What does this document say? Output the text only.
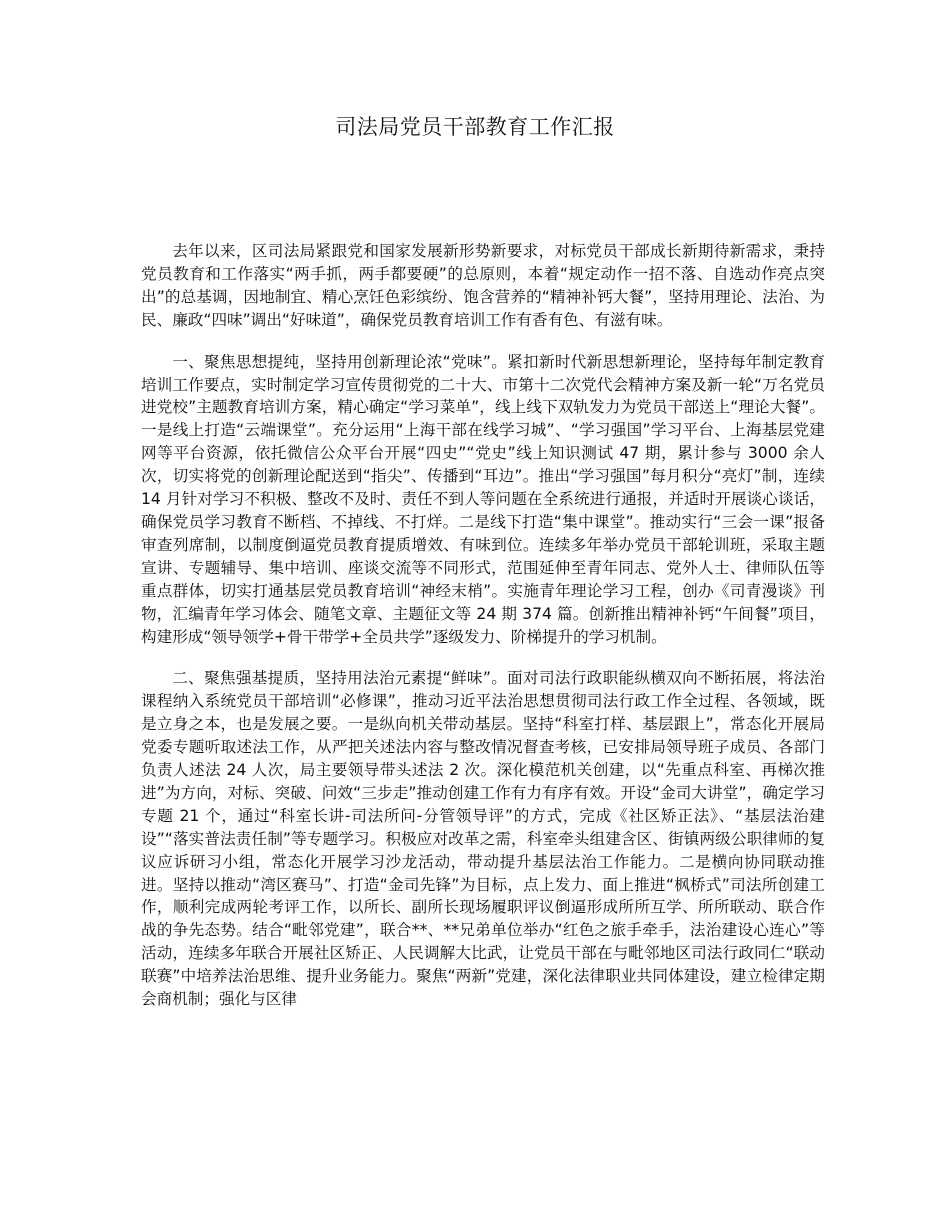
司法局党员干部教育工作汇报

去年以来，区司法局紧跟党和国家发展新形势新要求，对标党员干部成长新期待新需求，秉持党员教育和工作落实“两手抓，两手都要硬”的总原则，本着“规定动作一招不落、自选动作亮点突出”的总基调，因地制宜、精心烹饪色彩缤纷、饱含营养的“精神补钙大餐”，坚持用理论、法治、为民、廉政“四味”调出“好味道”，确保党员教育培训工作有香有色、有滋有味。

一、聚焦思想提纯，坚持用创新理论浓“党味”。紧扣新时代新思想新理论，坚持每年制定教育培训工作要点，实时制定学习宣传贯彻党的二十大、市第十二次党代会精神方案及新一轮“万名党员进党校”主题教育培训方案，精心确定“学习菜单”，线上线下双轨发力为党员干部送上“理论大餐”。一是线上打造“云端课堂”。充分运用“上海干部在线学习城”、“学习强国”学习平台、上海基层党建网等平台资源，依托微信公众平台开展“四史”“党史”线上知识测试 47 期，累计参与 3000 余人次，切实将党的创新理论配送到“指尖”、传播到“耳边”。推出“学习强国”每月积分“亮灯”制，连续 14 月针对学习不积极、整改不及时、责任不到人等问题在全系统进行通报，并适时开展谈心谈话，确保党员学习教育不断档、不掉线、不打烊。二是线下打造“集中课堂”。推动实行“三会一课”报备审查列席制，以制度倒逼党员教育提质增效、有味到位。连续多年举办党员干部轮训班，采取主题宣讲、专题辅导、集中培训、座谈交流等不同形式，范围延伸至青年同志、党外人士、律师队伍等重点群体，切实打通基层党员教育培训“神经末梢”。实施青年理论学习工程，创办《司青漫谈》刊物，汇编青年学习体会、随笔文章、主题征文等 24 期 374 篇。创新推出精神补钙“午间餐”项目，构建形成“领导领学+骨干带学+全员共学”逐级发力、阶梯提升的学习机制。

二、聚焦强基提质，坚持用法治元素提“鲜味”。面对司法行政职能纵横双向不断拓展，将法治课程纳入系统党员干部培训“必修课”，推动习近平法治思想贯彻司法行政工作全过程、各领域，既是立身之本，也是发展之要。一是纵向机关带动基层。坚持“科室打样、基层跟上”，常态化开展局党委专题听取述法工作，从严把关述法内容与整改情况督查考核，已安排局领导班子成员、各部门负责人述法 24 人次，局主要领导带头述法 2 次。深化模范机关创建，以“先重点科室、再梯次推进”为方向，对标、突破、问效“三步走”推动创建工作有力有序有效。开设“金司大讲堂”，确定学习专题 21 个，通过“科室长讲-司法所问-分管领导评”的方式，完成《社区矫正法》、“基层法治建设”“落实普法责任制”等专题学习。积极应对改革之需，科室牵头组建含区、街镇两级公职律师的复议应诉研习小组，常态化开展学习沙龙活动，带动提升基层法治工作能力。二是横向协同联动推进。坚持以推动“湾区赛马”、打造“金司先锋”为目标，点上发力、面上推进“枫桥式”司法所创建工作，顺利完成两轮考评工作，以所长、副所长现场履职评议倒逼形成所所互学、所所联动、联合作战的争先态势。结合“毗邻党建”，联合**、**兄弟单位举办“红色之旅手牵手，法治建设心连心”等活动，连续多年联合开展社区矫正、人民调解大比武，让党员干部在与毗邻地区司法行政同仁“联动联赛”中培养法治思维、提升业务能力。聚焦“两新”党建，深化法律职业共同体建设，建立检律定期会商机制；强化与区律
